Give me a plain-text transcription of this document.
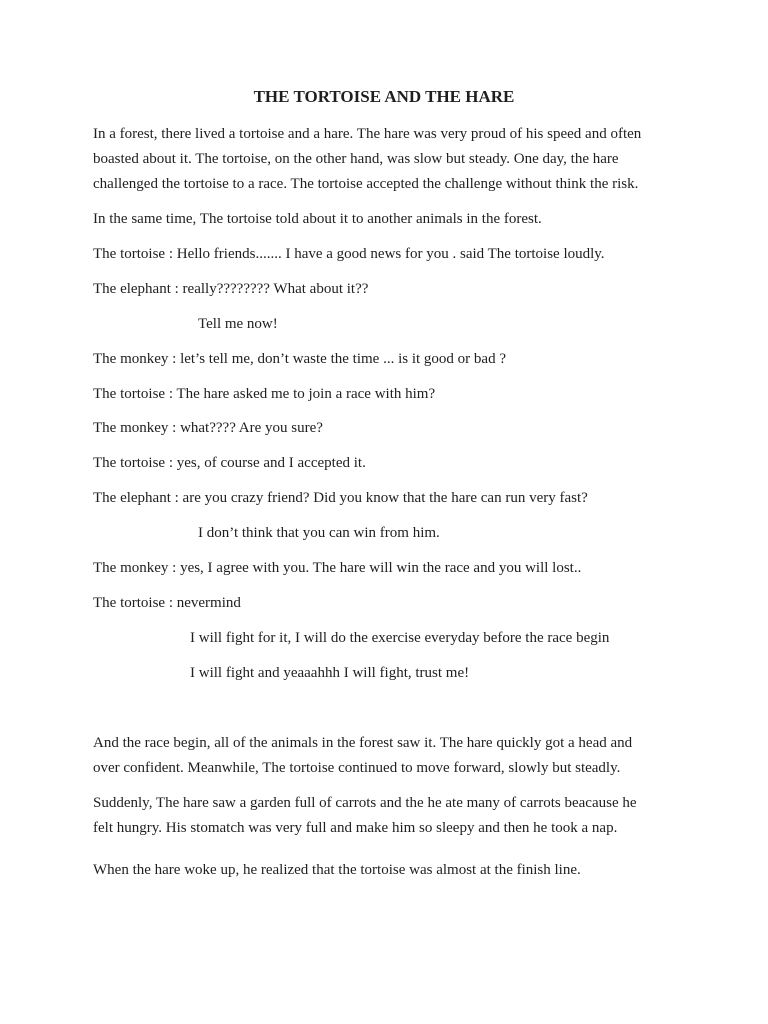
THE TORTOISE AND THE HARE
In a forest, there lived a tortoise and a hare. The hare was very proud of his speed and often
boasted about it. The tortoise, on the other hand, was slow but steady. One day, the hare
challenged the tortoise to a race. The tortoise accepted the challenge without think the risk.
In the same time, The tortoise told about it to another animals in the forest.
The tortoise : Hello friends....... I have a good news for you . said The tortoise loudly.
The elephant : really???????? What about it??
Tell me now!
The monkey : let’s tell me, don’t waste the time ... is it good or bad ?
The tortoise : The hare asked me to join a race with him?
The monkey : what???? Are you sure?
The tortoise : yes, of course and I accepted it.
The elephant : are you crazy friend? Did you know that the hare can run very fast?
I don’t think that you can win from him.
The monkey : yes, I agree with you. The hare will win the race and you will lost..
The tortoise : nevermind
I will fight for it, I will do the exercise everyday before the race begin
I will fight and yeaaahhh I will fight, trust me!
And the race begin, all of the animals in the forest saw it. The hare quickly got a head and
over confident. Meanwhile, The tortoise continued to move forward, slowly but steadly.
Suddenly, The hare saw a garden full of carrots and the he ate many of carrots beacause he
felt hungry. His stomatch was very full and make him so sleepy and then he took a nap.
When the hare woke up, he realized that the tortoise was almost at the finish line.
